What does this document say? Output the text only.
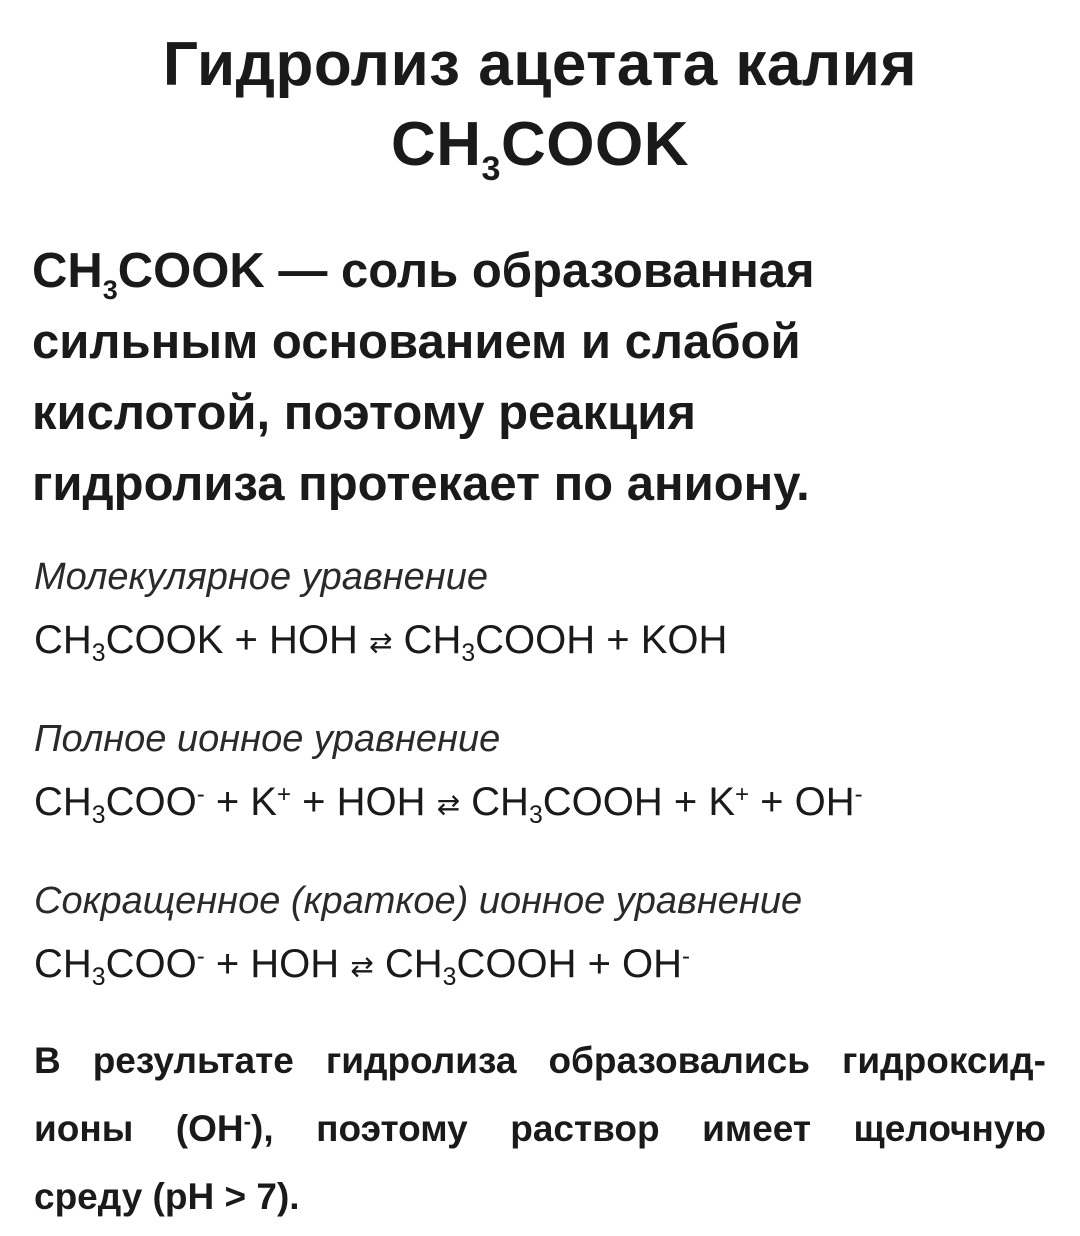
Гидролиз ацетата калия
$CH_3COOK$
$CH_3COOK$ — соль образованная
сильным основанием и слабой
кислотой, поэтому реакция
гидролиза протекает по аниону.
Молекулярное уравнение
CH3COOK + HOH ⇄ CH3COOH + KOH
Полное ионное уравнение
CH3COO- + K+ + HOH ⇄ CH3COOH + K+ + OH-
Сокращенное (краткое) ионное уравнение
CH3COO- + HOH ⇄ CH3COOH + OH-
В результате гидролиза образовались гидроксид-
ионы (OH-), поэтому раствор имеет щелочную
среду (pH > 7).
